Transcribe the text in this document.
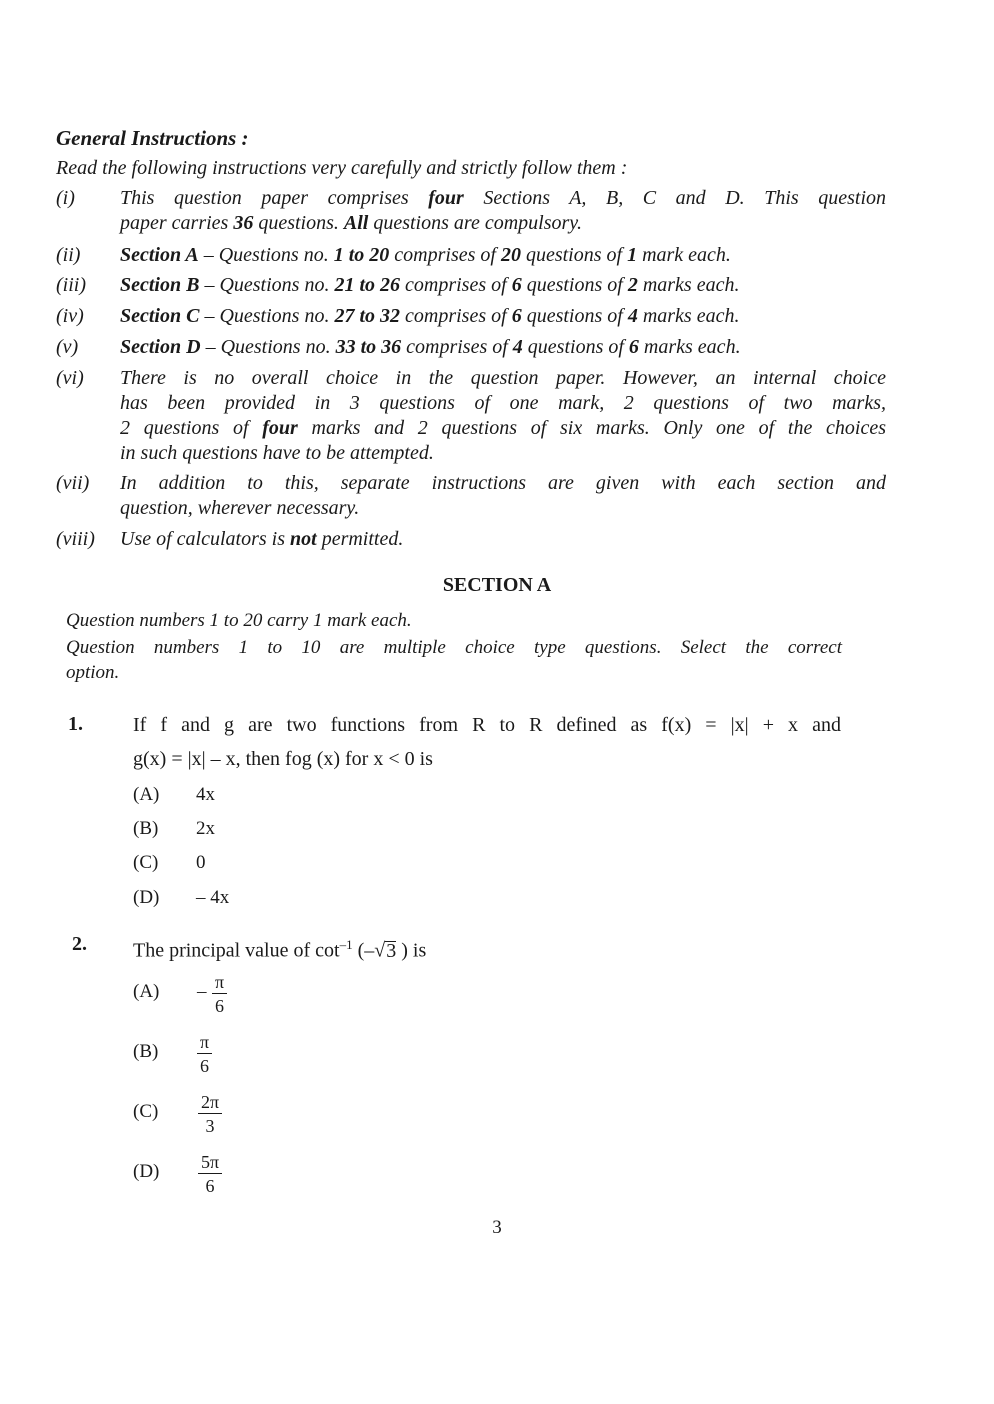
General Instructions :
Read the following instructions very carefully and strictly follow them :
(i) This question paper comprises four Sections A, B, C and D. This question
paper carries 36 questions. All questions are compulsory.
(ii) Section A – Questions no. 1 to 20 comprises of 20 questions of 1 mark each.
(iii) Section B – Questions no. 21 to 26 comprises of 6 questions of 2 marks each.
(iv) Section C – Questions no. 27 to 32 comprises of 6 questions of 4 marks each.
(v) Section D – Questions no. 33 to 36 comprises of 4 questions of 6 marks each.
(vi) There is no overall choice in the question paper. However, an internal choice
has been provided in 3 questions of one mark, 2 questions of two marks,
2 questions of four marks and 2 questions of six marks. Only one of the choices
in such questions have to be attempted.
(vii) In addition to this, separate instructions are given with each section and
question, wherever necessary.
(viii) Use of calculators is not permitted.
SECTION A
Question numbers 1 to 20 carry 1 mark each.
Question numbers 1 to 10 are multiple choice type questions. Select the correct
option.
1.	If f and g are two functions from R to R defined as f(x) = |x| + x and
g(x) = |x| – x, then fog (x) for x < 0 is
(A) 4x
(B) 2x
(C) 0
(D) – 4x
2. The principal value of $\cot^{-1} (-√3$ ) is
$(A) - \frac{\pi}{6}$
$(B) \frac{\pi}{6}$
$(C) \frac{2\pi}{3}$
$(D) \frac{5\pi}{6}$
3
